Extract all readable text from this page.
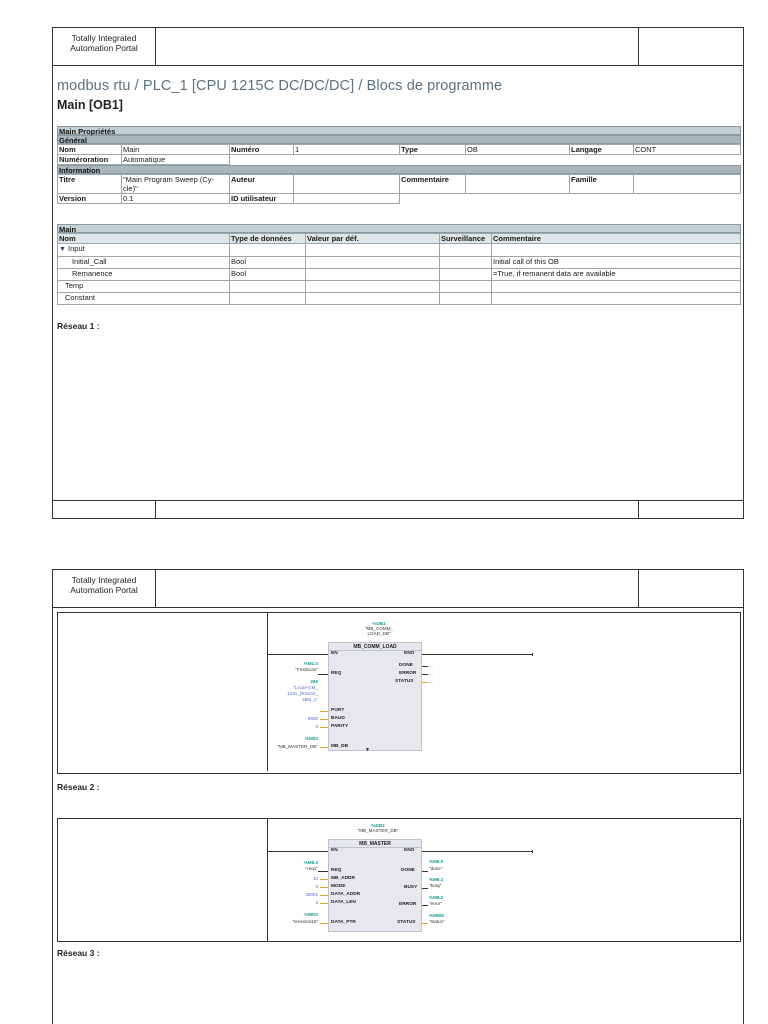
Totally Integrated
Automation Portal
modbus rtu / PLC_1 [CPU 1215C DC/DC/DC] / Blocs de programme
Main [OB1]
Main Propriétés
Général
Nom	Main	Numéro	1	Type	OB	Langage	CONT
Numéroration	Automatique						
Information
Titre	"Main Program Sweep (Cy-cle)"	Auteur		Commentaire		Famille	
Version	0.1	ID utilisateur					
Main
Nom	Type de données	Valeur par déf.	Surveillance	Commentaire
▼ Input				
Initial_Call	Bool			Initial call of this OB
Remanence	Bool			=True, if remanent data are available
Temp				
Constant				
Réseau 1 :
Totally Integrated
Automation Portal
%DB1
"MB_COMM_
LOAD_DB"
MB_COMM_LOAD
EN	ENO
REQ
PORT
BAUD
PARITY
MB_DB
▼
DONE
ERROR
STATUS
...
...
...
%M1.0
"FirstScan"
269
"Local~CM_
1241_(RS422_
485)_1"
9600
0
%DB2
"MB_MASTER_DB"
Réseau 2 :
%DB2
"MB_MASTER_DB"
MB_MASTER
EN	ENO
REQ
MB_ADDR
MODE
DATA_ADDR
DATA_LEN
DATA_PTR
DONE
BUSY
ERROR
STATUS
%M6.4
"req1"
10
0
30001
2
%MD2
"tensions10"
%M6.0
"done"
%M6.1
"busy"
%M6.2
"error"
%MW8
"status"
Réseau 3 :
